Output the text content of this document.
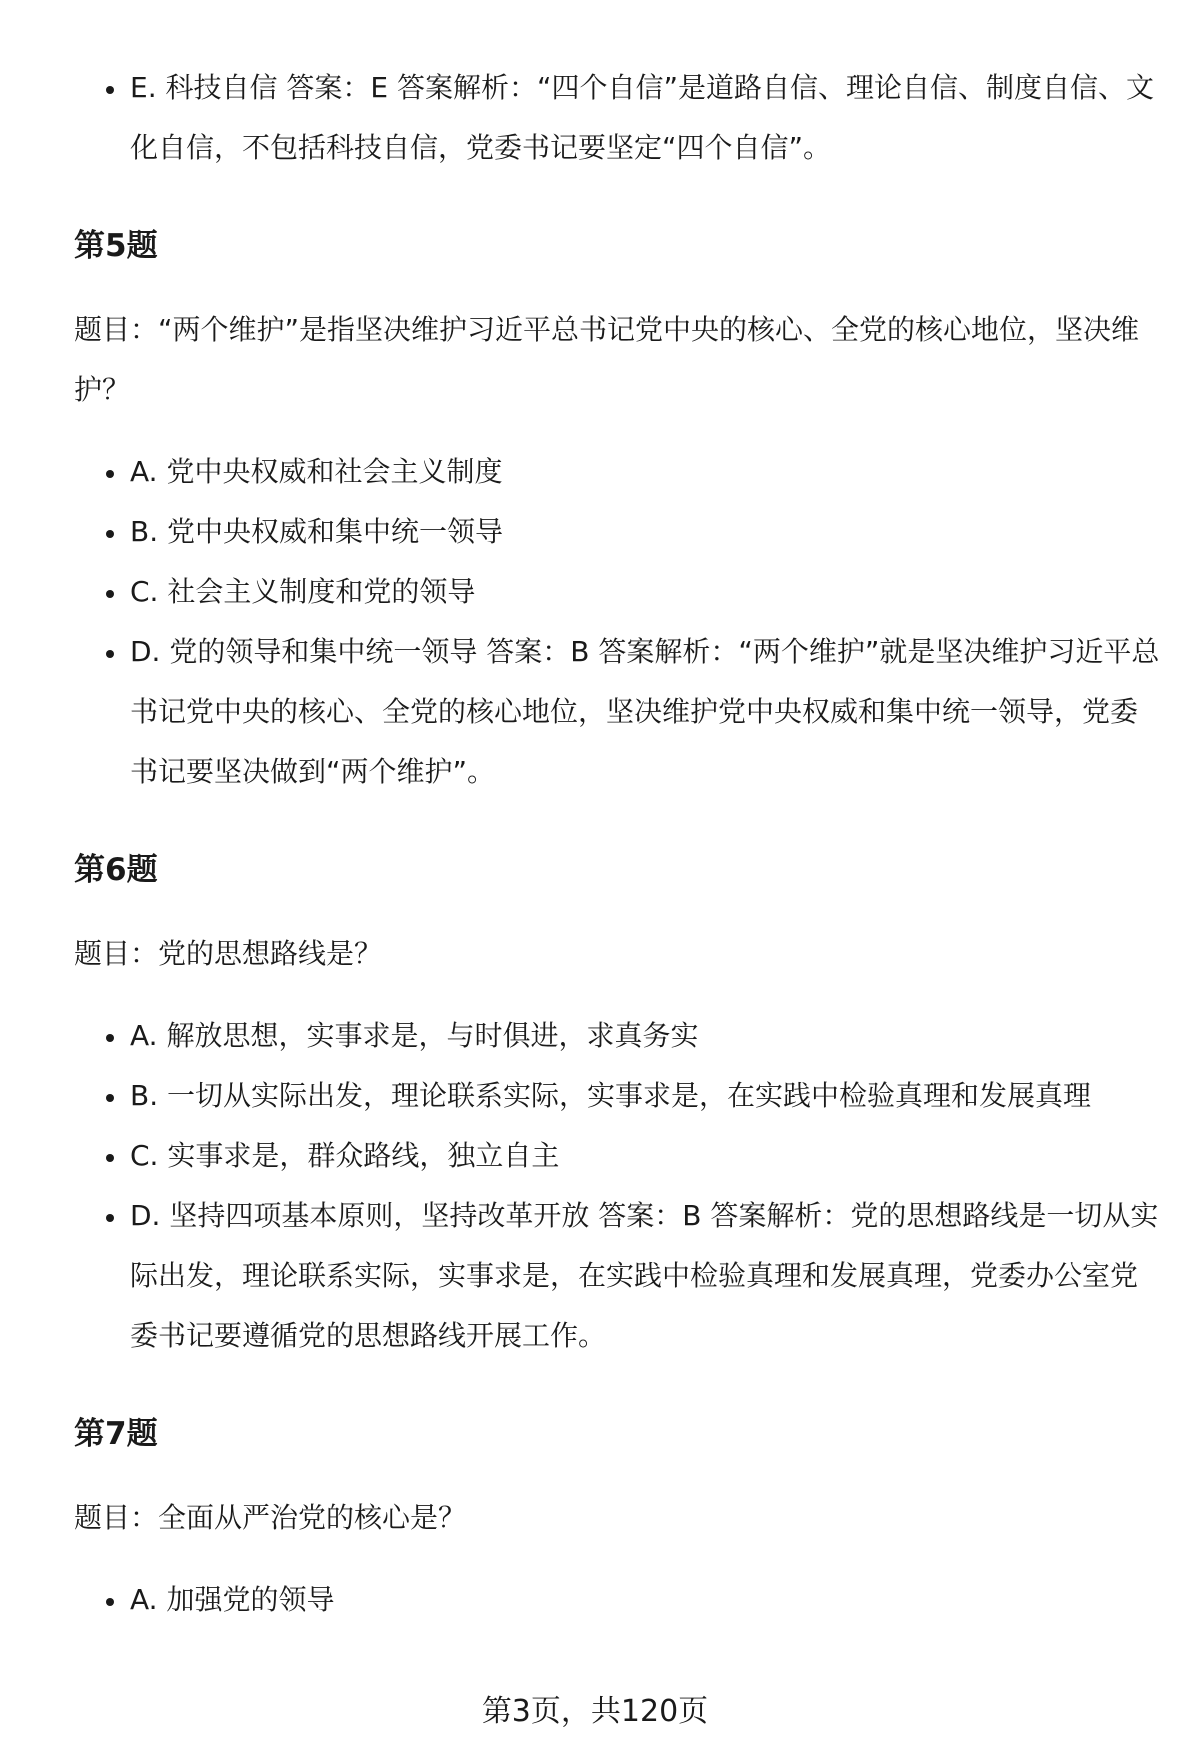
E. 科技自信 答案：E 答案解析：“四个自信”是道路自信、理论自信、制度自信、文化自信，不包括科技自信，党委书记要坚定“四个自信”。
第5题

题目：“两个维护”是指坚决维护习近平总书记党中央的核心、全党的核心地位，坚决维护？

A. 党中央权威和社会主义制度
B. 党中央权威和集中统一领导
C. 社会主义制度和党的领导
D. 党的领导和集中统一领导 答案：B 答案解析：“两个维护”就是坚决维护习近平总书记党中央的核心、全党的核心地位，坚决维护党中央权威和集中统一领导，党委书记要坚决做到“两个维护”。
第6题

题目：党的思想路线是？

A. 解放思想，实事求是，与时俱进，求真务实
B. 一切从实际出发，理论联系实际，实事求是，在实践中检验真理和发展真理
C. 实事求是，群众路线，独立自主
D. 坚持四项基本原则，坚持改革开放 答案：B 答案解析：党的思想路线是一切从实际出发，理论联系实际，实事求是，在实践中检验真理和发展真理，党委办公室党委书记要遵循党的思想路线开展工作。
第7题

题目：全面从严治党的核心是？

A. 加强党的领导
第3页，共120页
